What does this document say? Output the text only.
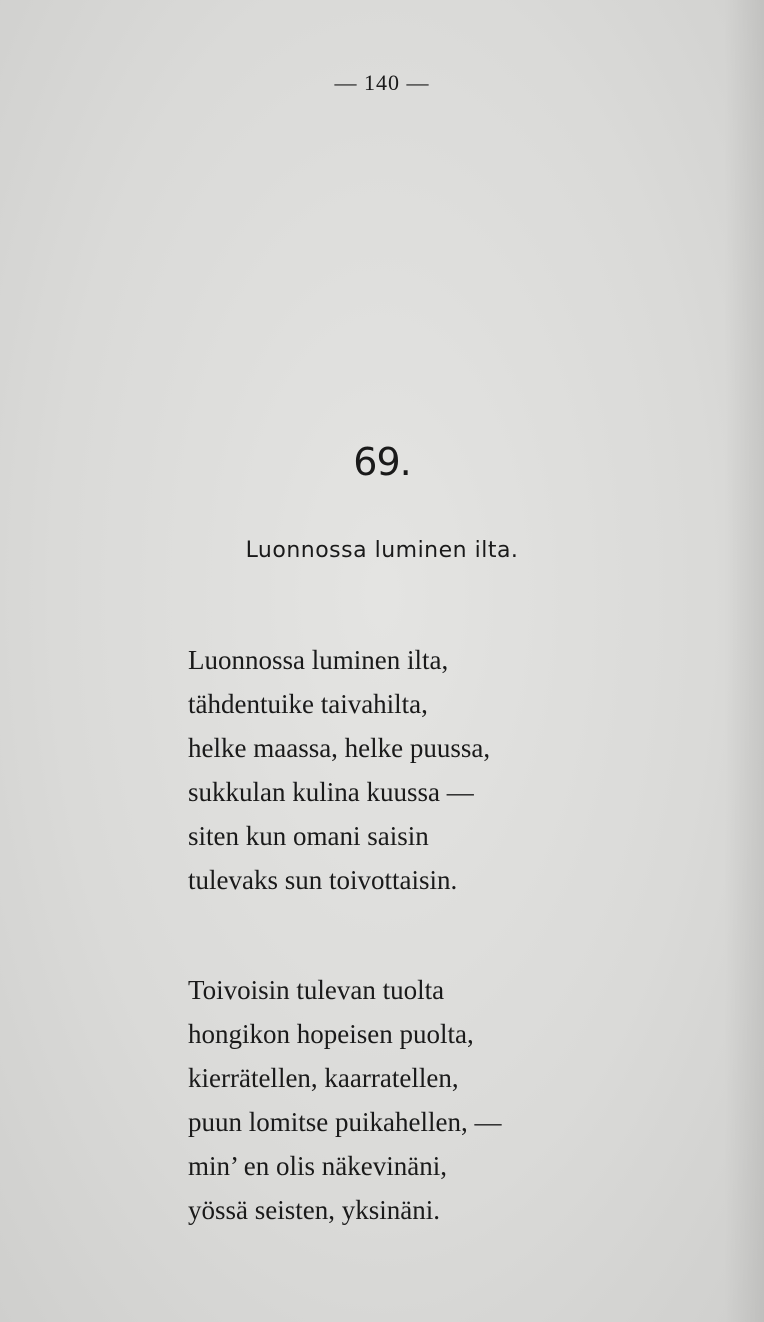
— 140 —
69.
Luonnossa luminen ilta.
Luonnossa luminen ilta,
tähdentuike taivahilta,
helke maassa, helke puussa,
sukkulan kulina kuussa —
siten kun omani saisin
tulevaks sun toivottaisin.
Toivoisin tulevan tuolta
hongikon hopeisen puolta,
kierrätellen, kaarratellen,
puun lomitse puikahellen, —
min’ en olis näkevinäni,
yössä seisten, yksinäni.
